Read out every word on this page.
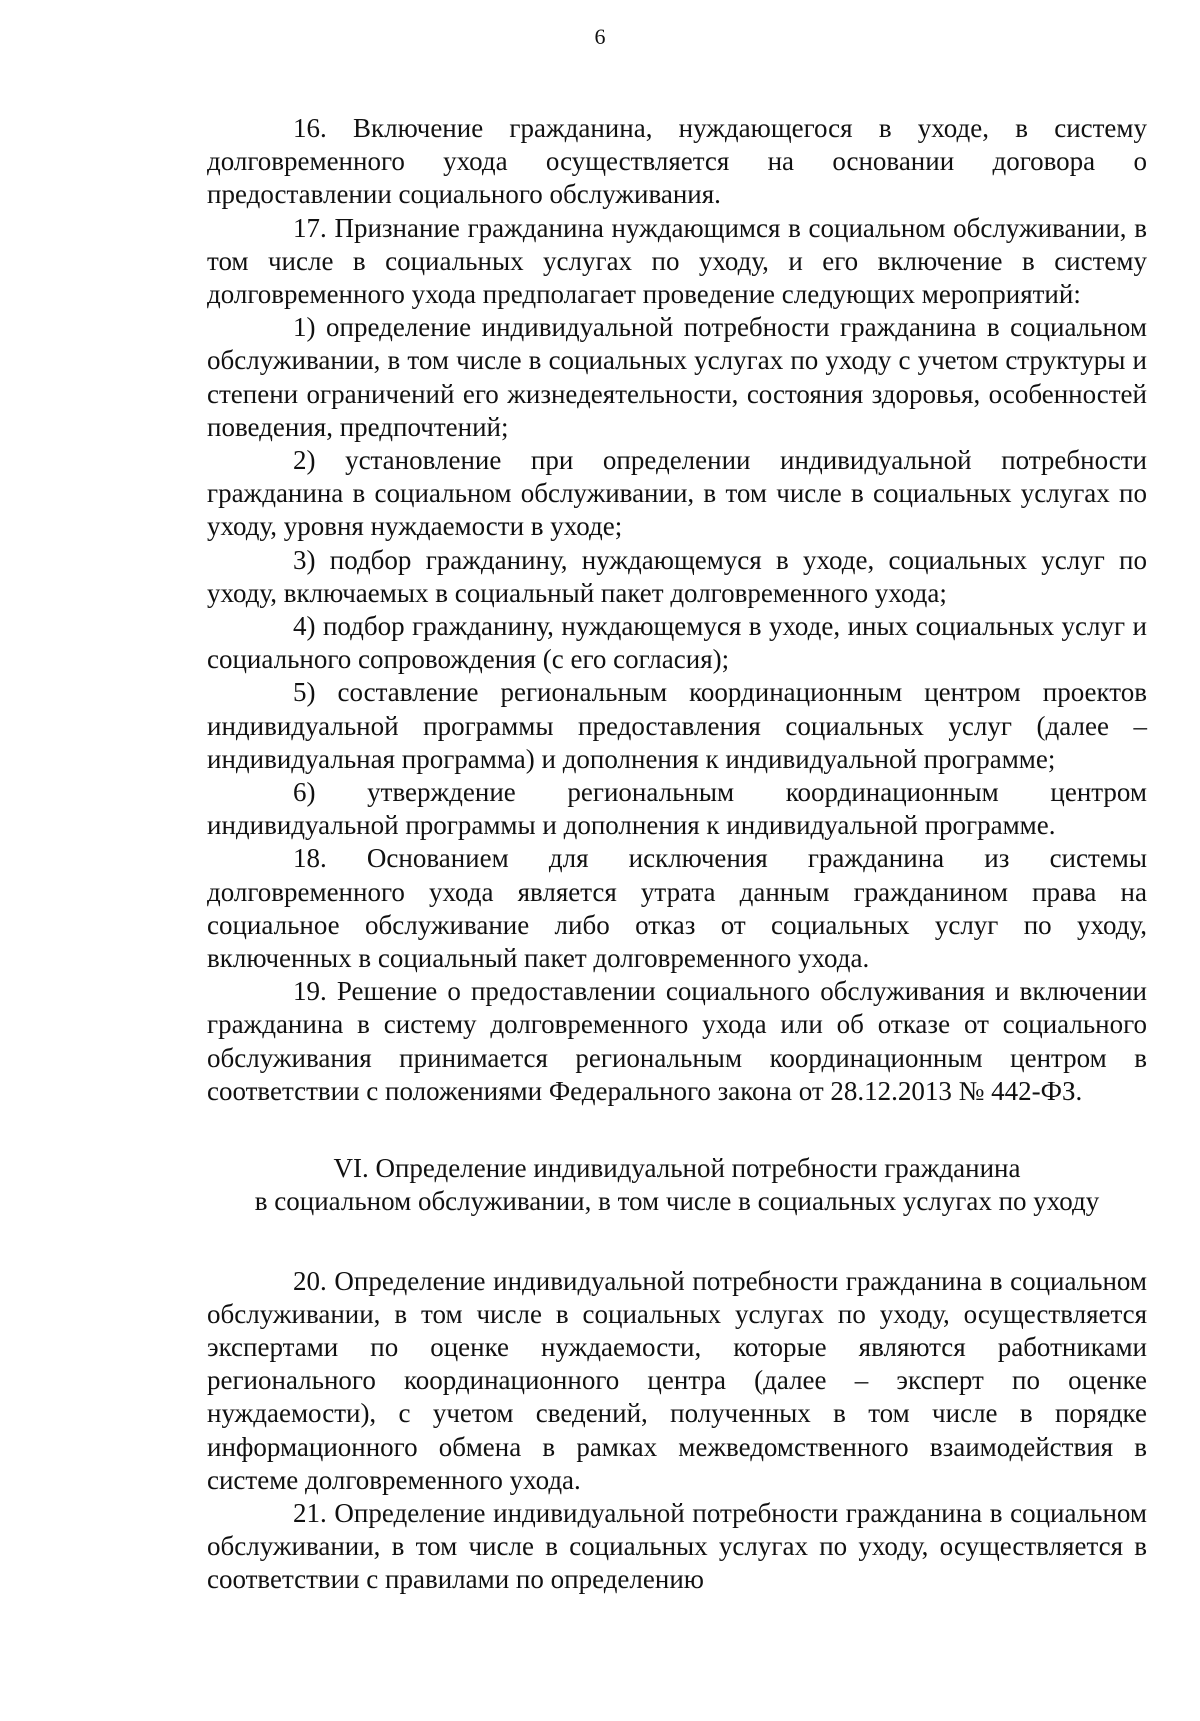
6

16. Включение гражданина, нуждающегося в уходе, в систему долговременного ухода осуществляется на основании договора о предоставлении социального обслуживания.

17. Признание гражданина нуждающимся в социальном обслуживании, в том числе в социальных услугах по уходу, и его включение в систему долговременного ухода предполагает проведение следующих мероприятий:

1) определение индивидуальной потребности гражданина в социальном обслуживании, в том числе в социальных услугах по уходу с учетом структуры и степени ограничений его жизнедеятельности, состояния здоровья, особенностей поведения, предпочтений;

2) установление при определении индивидуальной потребности гражданина в социальном обслуживании, в том числе в социальных услугах по уходу, уровня нуждаемости в уходе;

3) подбор гражданину, нуждающемуся в уходе, социальных услуг по уходу, включаемых в социальный пакет долговременного ухода;

4) подбор гражданину, нуждающемуся в уходе, иных социальных услуг и социального сопровождения (с его согласия);

5) составление региональным координационным центром проектов индивидуальной программы предоставления социальных услуг (далее – индивидуальная программа) и дополнения к индивидуальной программе;

6) утверждение региональным координационным центром индивидуальной программы и дополнения к индивидуальной программе.

18. Основанием для исключения гражданина из системы долговременного ухода является утрата данным гражданином права на социальное обслуживание либо отказ от социальных услуг по уходу, включенных в социальный пакет долговременного ухода.

19. Решение о предоставлении социального обслуживания и включении гражданина в систему долговременного ухода или об отказе от социального обслуживания принимается региональным координационным центром в соответствии с положениями Федерального закона от 28.12.2013 № 442-ФЗ.

VI. Определение индивидуальной потребности гражданина
в социальном обслуживании, в том числе в социальных услугах по уходу

20. Определение индивидуальной потребности гражданина в социальном обслуживании, в том числе в социальных услугах по уходу, осуществляется экспертами по оценке нуждаемости, которые являются работниками регионального координационного центра (далее – эксперт по оценке нуждаемости), с учетом сведений, полученных в том числе в порядке информационного обмена в рамках межведомственного взаимодействия в системе долговременного ухода.

21. Определение индивидуальной потребности гражданина в социальном обслуживании, в том числе в социальных услугах по уходу, осуществляется в соответствии с правилами по определению
